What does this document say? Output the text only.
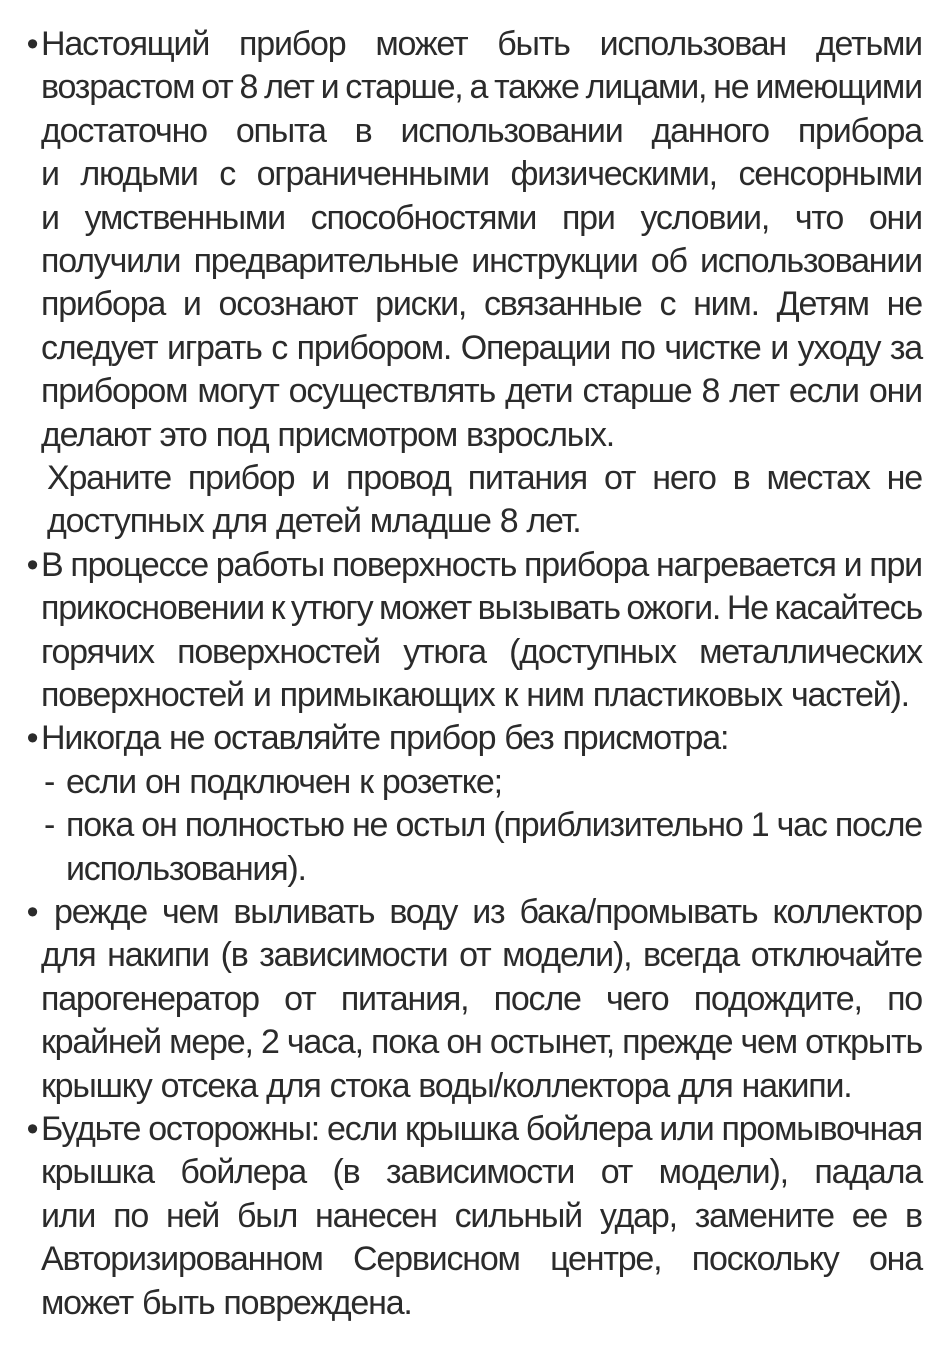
• Настоящий прибор может быть использован детьми
возрастом от 8 лет и старше, а также лицами, не имеющими
достаточно опыта в использовании данного прибора
и людьми с ограниченными физическими, сенсорными
и умственными способностями при условии, что они
получили предварительные инструкции об использовании
прибора и осознают риски, связанные с ним. Детям не
следует играть с прибором. Операции по чистке и уходу за
прибором могут осуществлять дети старше 8 лет если они
делают это под присмотром взрослых.
Храните прибор и провод питания от него в местах не
доступных для детей младше 8 лет.
• В процессе работы поверхность прибора нагревается и при
прикосновении к утюгу может вызывать ожоги. Не касайтесь
горячих поверхностей утюга (доступных металлических
поверхностей и примыкающих к ним пластиковых частей).
• Никогда не оставляйте прибор без присмотра:
- если он подключен к розетке;
- пока он полностью не остыл (приблизительно 1 час после
использования).
• режде чем выливать воду из бака/промывать коллектор
для накипи (в зависимости от модели), всегда отключайте
парогенератор от питания, после чего подождите, по
крайней мере, 2 часа, пока он остынет, прежде чем открыть
крышку отсека для стока воды/коллектора для накипи.
• Будьте осторожны: если крышка бойлера или промывочная
крышка бойлера (в зависимости от модели), падала
или по ней был нанесен сильный удар, замените ее в
Авторизированном Сервисном центре, поскольку она
может быть повреждена.
